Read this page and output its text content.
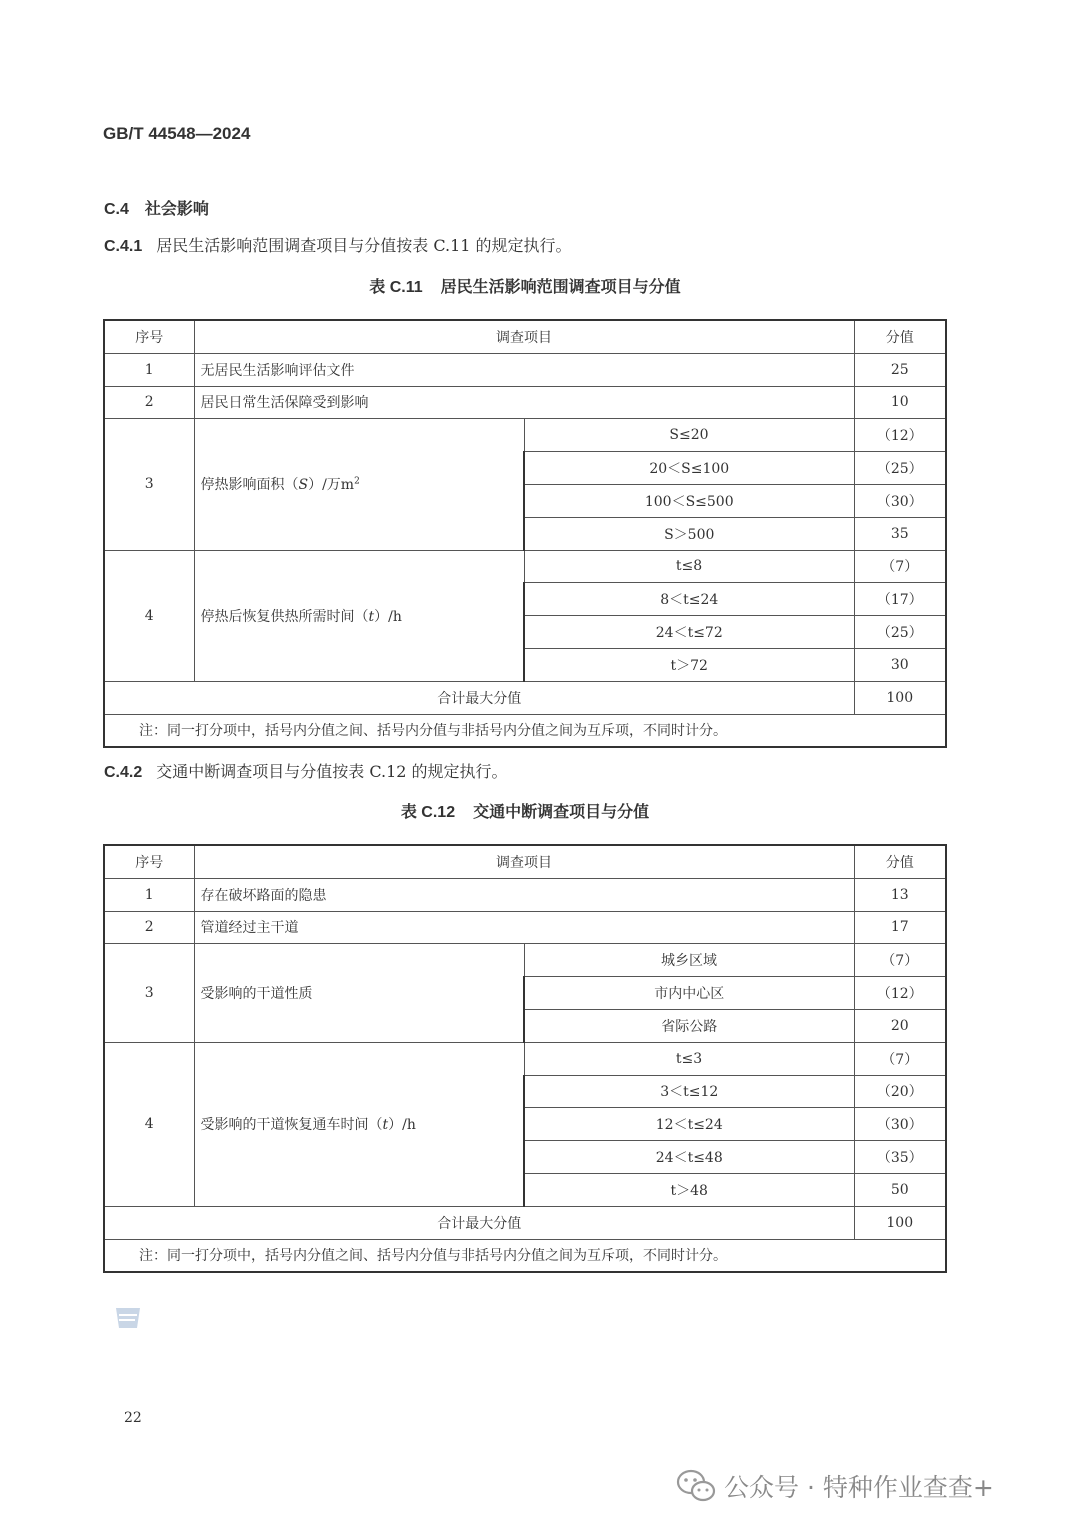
GB/T 44548—2024
C.4 社会影响
C.4.1 居民生活影响范围调查项目与分值按表 C.11 的规定执行。
表 C.11 居民生活影响范围调查项目与分值
序号	调查项目		分值
1	无居民生活影响评估文件		25
2	居民日常生活保障受到影响		10
3	停热影响面积（S）/万$m^2$	S≤20	（12）
		20＜S≤100	（25）
		100＜S≤500	（30）
		S＞500	35
4	停热后恢复供热所需时间（t）/h	t≤8	（7）
		8＜t≤24	（17）
		24＜t≤72	（25）
		t＞72	30
合计最大分值			100
注：同一打分项中，括号内分值之间、括号内分值与非括号内分值之间为互斥项，不同时计分。			
C.4.2 交通中断调查项目与分值按表 C.12 的规定执行。
表 C.12 交通中断调查项目与分值
序号	调查项目		分值
1	存在破坏路面的隐患		13
2	管道经过主干道		17
3	受影响的干道性质	城乡区域	（7）
		市内中心区	（12）
		省际公路	20
4	受影响的干道恢复通车时间（t）/h	t≤3	（7）
		3＜t≤12	（20）
		12＜t≤24	（30）
		24＜t≤48	（35）
		t＞48	50
合计最大分值			100
注：同一打分项中，括号内分值之间、括号内分值与非括号内分值之间为互斥项，不同时计分。			
22
公众号 · 特种作业查查+
